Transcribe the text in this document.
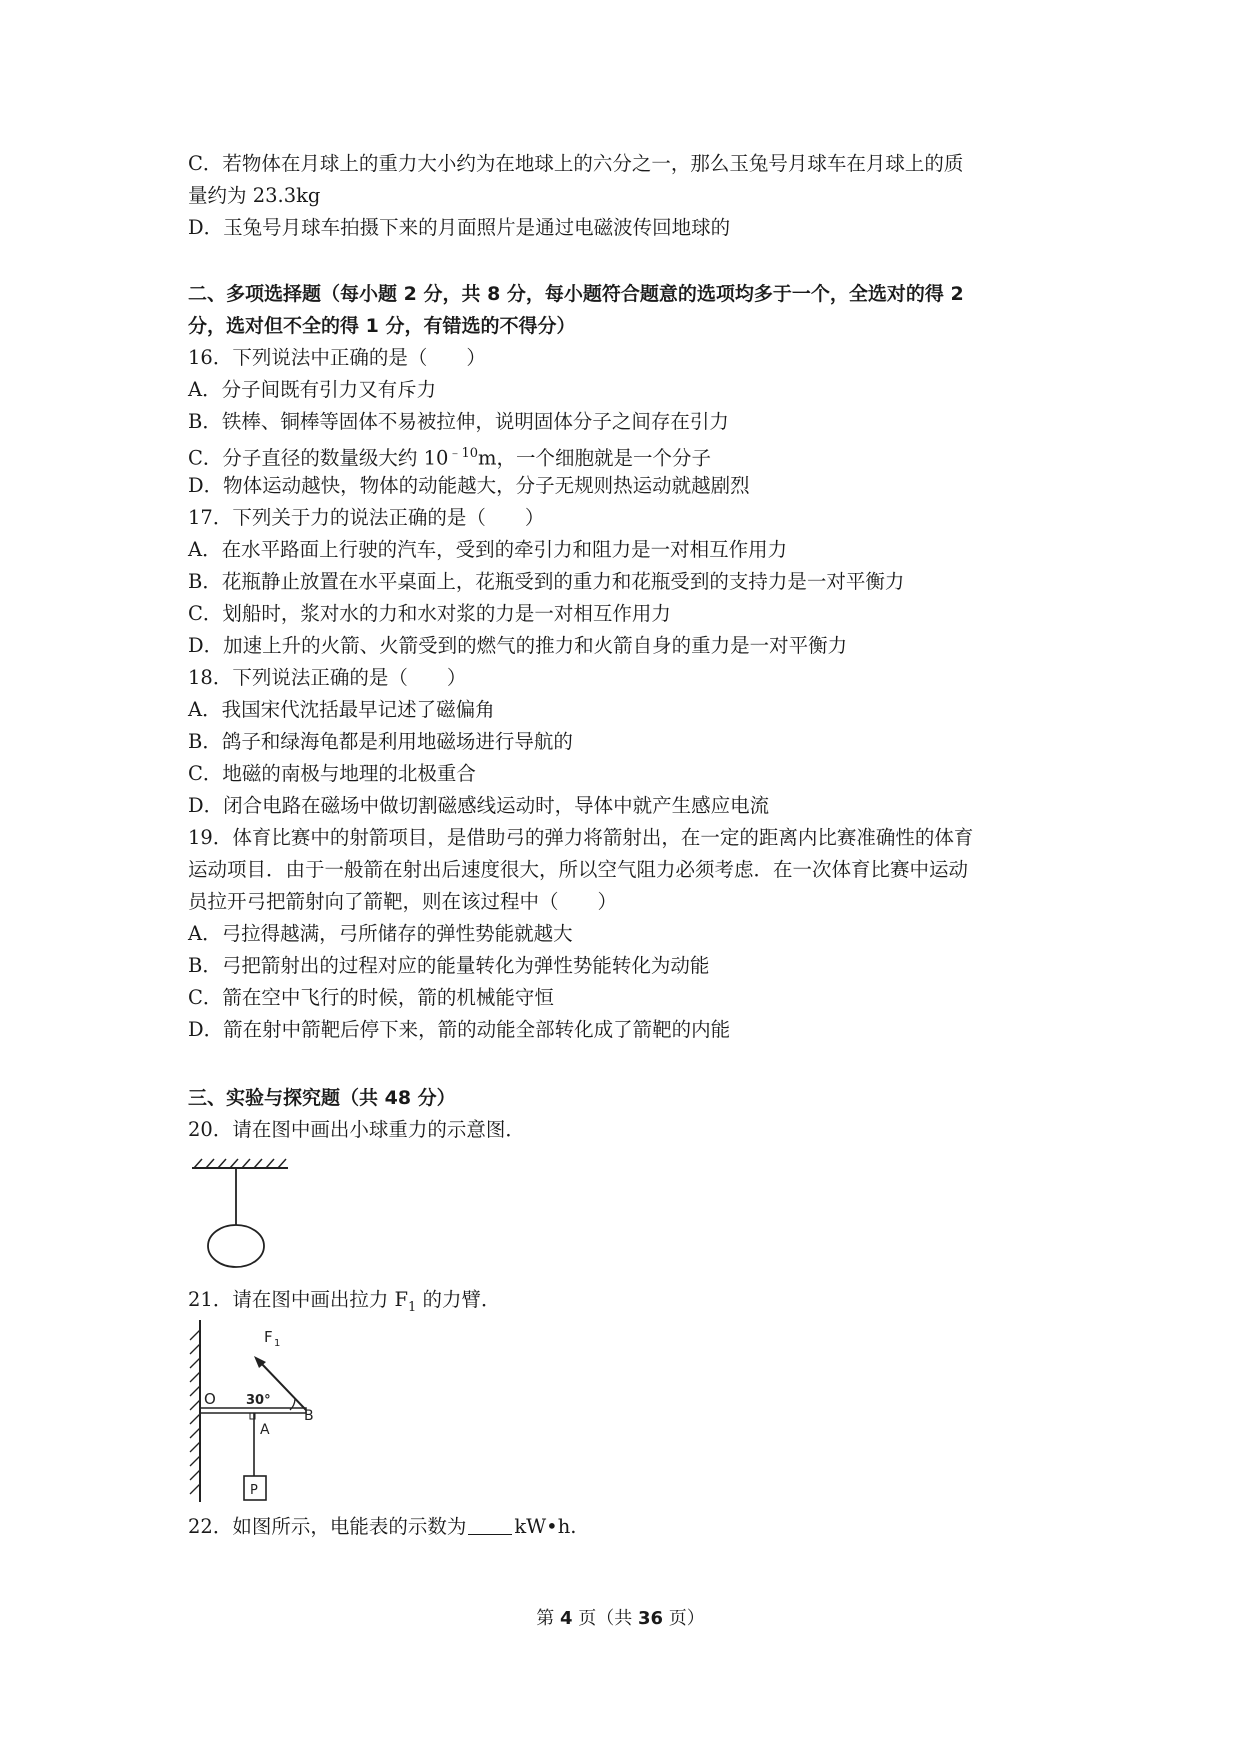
C．若物体在月球上的重力大小约为在地球上的六分之一，那么玉兔号月球车在月球上的质
量约为 23.3kg
D．玉兔号月球车拍摄下来的月面照片是通过电磁波传回地球的
二、多项选择题（每小题 2 分，共 8 分，每小题符合题意的选项均多于一个，全选对的得 2
分，选对但不全的得 1 分，有错选的不得分）
16．下列说法中正确的是（　　）
A．分子间既有引力又有斥力
B．铁棒、铜棒等固体不易被拉伸，说明固体分子之间存在引力
C．分子直径的数量级大约 $10^{﹣10}m$，一个细胞就是一个分子
D．物体运动越快，物体的动能越大，分子无规则热运动就越剧烈
17．下列关于力的说法正确的是（　　）
A．在水平路面上行驶的汽车，受到的牵引力和阻力是一对相互作用力
B．花瓶静止放置在水平桌面上，花瓶受到的重力和花瓶受到的支持力是一对平衡力
C．划船时，浆对水的力和水对浆的力是一对相互作用力
D．加速上升的火箭、火箭受到的燃气的推力和火箭自身的重力是一对平衡力
18．下列说法正确的是（　　）
A．我国宋代沈括最早记述了磁偏角
B．鸽子和绿海龟都是利用地磁场进行导航的
C．地磁的南极与地理的北极重合
D．闭合电路在磁场中做切割磁感线运动时，导体中就产生感应电流
19．体育比赛中的射箭项目，是借助弓的弹力将箭射出，在一定的距离内比赛准确性的体育
运动项目．由于一般箭在射出后速度很大，所以空气阻力必须考虑．在一次体育比赛中运动
员拉开弓把箭射向了箭靶，则在该过程中（　　）
A．弓拉得越满，弓所储存的弹性势能就越大
B．弓把箭射出的过程对应的能量转化为弹性势能转化为动能
C．箭在空中飞行的时候，箭的机械能守恒
D．箭在射中箭靶后停下来，箭的动能全部转化成了箭靶的内能
三、实验与探究题（共 48 分）
20．请在图中画出小球重力的示意图．
21．请在图中画出拉力 $F_1$ 的力臂．
F 1
O 30°
B
A
P
22．如图所示，电能表的示数为 kW•h.
第 4 页（共 36 页）
